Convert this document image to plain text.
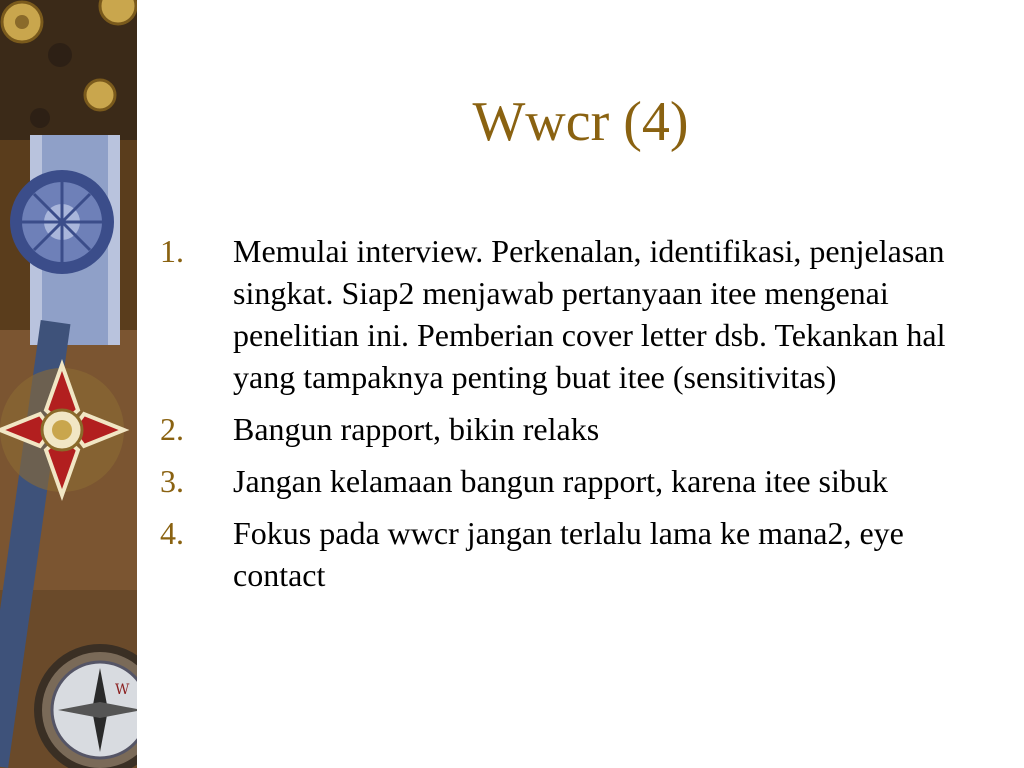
W
Wwcr (4)
1.	Memulai interview. Perkenalan, identifikasi, penjelasan singkat. Siap2 menjawab pertanyaan itee mengenai penelitian ini. Pemberian cover letter dsb. Tekankan hal yang tampaknya penting buat itee (sensitivitas)
2.	Bangun rapport, bikin relaks
3.	Jangan kelamaan bangun rapport, karena itee sibuk
4.	Fokus pada wwcr jangan terlalu lama ke mana2, eye contact
